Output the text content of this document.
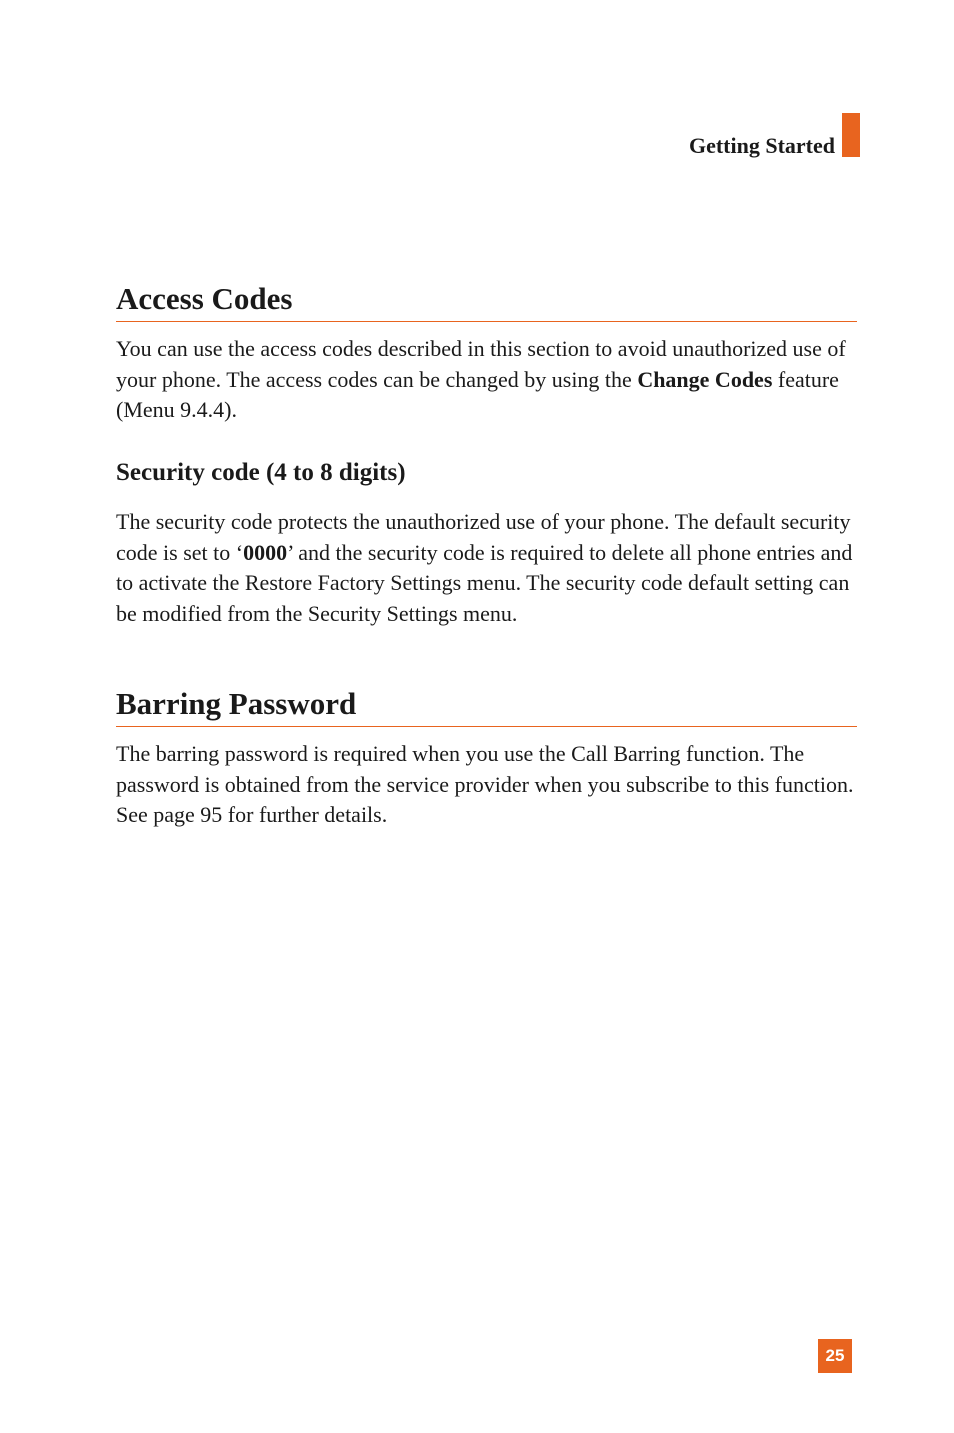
Getting Started
Access Codes

You can use the access codes described in this section to avoid unauthorized use of your phone. The access codes can be changed by using the Change Codes feature (Menu 9.4.4).

Security code (4 to 8 digits)

The security code protects the unauthorized use of your phone. The default security code is set to ‘0000’ and the security code is required to delete all phone entries and to activate the Restore Factory Settings menu. The security code default setting can be modified from the Security Settings menu.

Barring Password

The barring password is required when you use the Call Barring function. The password is obtained from the service provider when you subscribe to this function. See page 95 for further details.

25
